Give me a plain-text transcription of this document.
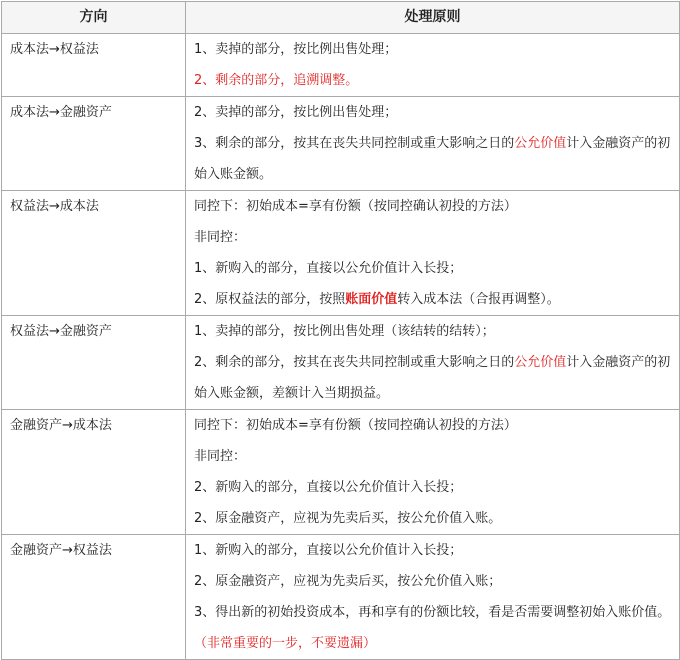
方向	处理原则
成本法→权益法	1、卖掉的部分，按比例出售处理；
2、剩余的部分，追溯调整。

成本法→金融资产	2、卖掉的部分，按比例出售处理；
3、剩余的部分，按其在丧失共同控制或重大影响之日的公允价值计入金融资产的初始入账金额。

权益法→成本法	同控下：初始成本=享有份额（按同控确认初投的方法）
非同控：
1、新购入的部分，直接以公允价值计入长投；
2、原权益法的部分，按照账面价值转入成本法（合报再调整）。

权益法→金融资产	1、卖掉的部分，按比例出售处理（该结转的结转）；
2、剩余的部分，按其在丧失共同控制或重大影响之日的公允价值计入金融资产的初始入账金额，差额计入当期损益。

金融资产→成本法	同控下：初始成本=享有份额（按同控确认初投的方法）
非同控：
2、新购入的部分，直接以公允价值计入长投；
2、原金融资产，应视为先卖后买，按公允价值入账。

金融资产→权益法	1、新购入的部分，直接以公允价值计入长投；
2、原金融资产，应视为先卖后买，按公允价值入账；
3、得出新的初始投资成本，再和享有的份额比较，看是否需要调整初始入账价值。（非常重要的一步，不要遗漏）
